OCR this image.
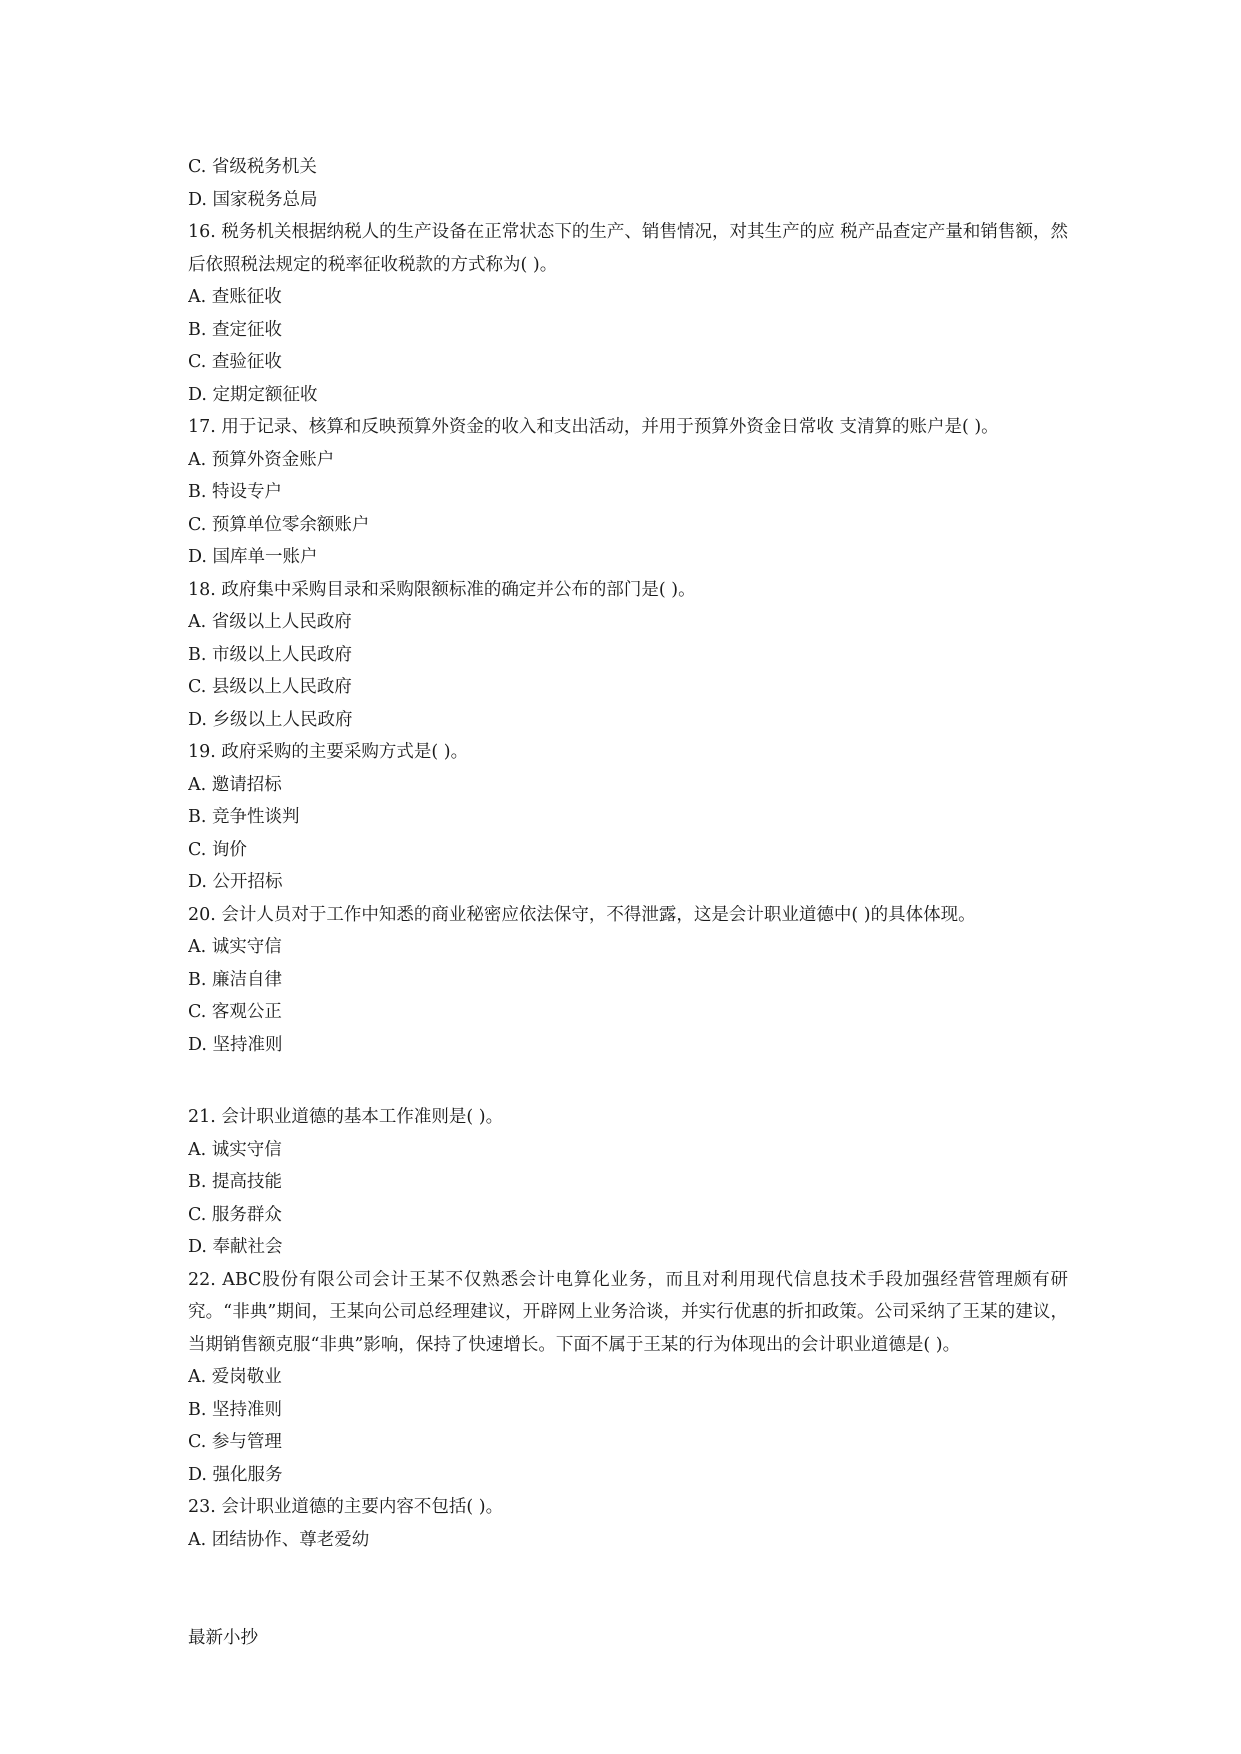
C. 省级税务机关
D. 国家税务总局
16. 税务机关根据纳税人的生产设备在正常状态下的生产、销售情况，对其生产的应 税产品查定产量和销售额，然后依照税法规定的税率征收税款的方式称为( )。
A. 查账征收
B. 查定征收
C. 查验征收
D. 定期定额征收
17. 用于记录、核算和反映预算外资金的收入和支出活动，并用于预算外资金日常收 支清算的账户是( )。
A. 预算外资金账户
B. 特设专户
C. 预算单位零余额账户
D. 国库单一账户
18. 政府集中采购目录和采购限额标准的确定并公布的部门是( )。
A. 省级以上人民政府
B. 市级以上人民政府
C. 县级以上人民政府
D. 乡级以上人民政府
19. 政府采购的主要采购方式是( )。
A. 邀请招标
B. 竞争性谈判
C. 询价
D. 公开招标
20. 会计人员对于工作中知悉的商业秘密应依法保守，不得泄露，这是会计职业道德中( )的具体体现。
A. 诚实守信
B. 廉洁自律
C. 客观公正
D. 坚持准则
21. 会计职业道德的基本工作准则是( )。
A. 诚实守信
B. 提高技能
C. 服务群众
D. 奉献社会
22. ABC股份有限公司会计王某不仅熟悉会计电算化业务，而且对利用现代信息技术手段加强经营管理颇有研究。“非典”期间，王某向公司总经理建议，开辟网上业务洽谈，并实行优惠的折扣政策。公司采纳了王某的建议，当期销售额克服“非典”影响，保持了快速增长。下面不属于王某的行为体现出的会计职业道德是( )。
A. 爱岗敬业
B. 坚持准则
C. 参与管理
D. 强化服务
23. 会计职业道德的主要内容不包括( )。
A. 团结协作、尊老爱幼
最新小抄
